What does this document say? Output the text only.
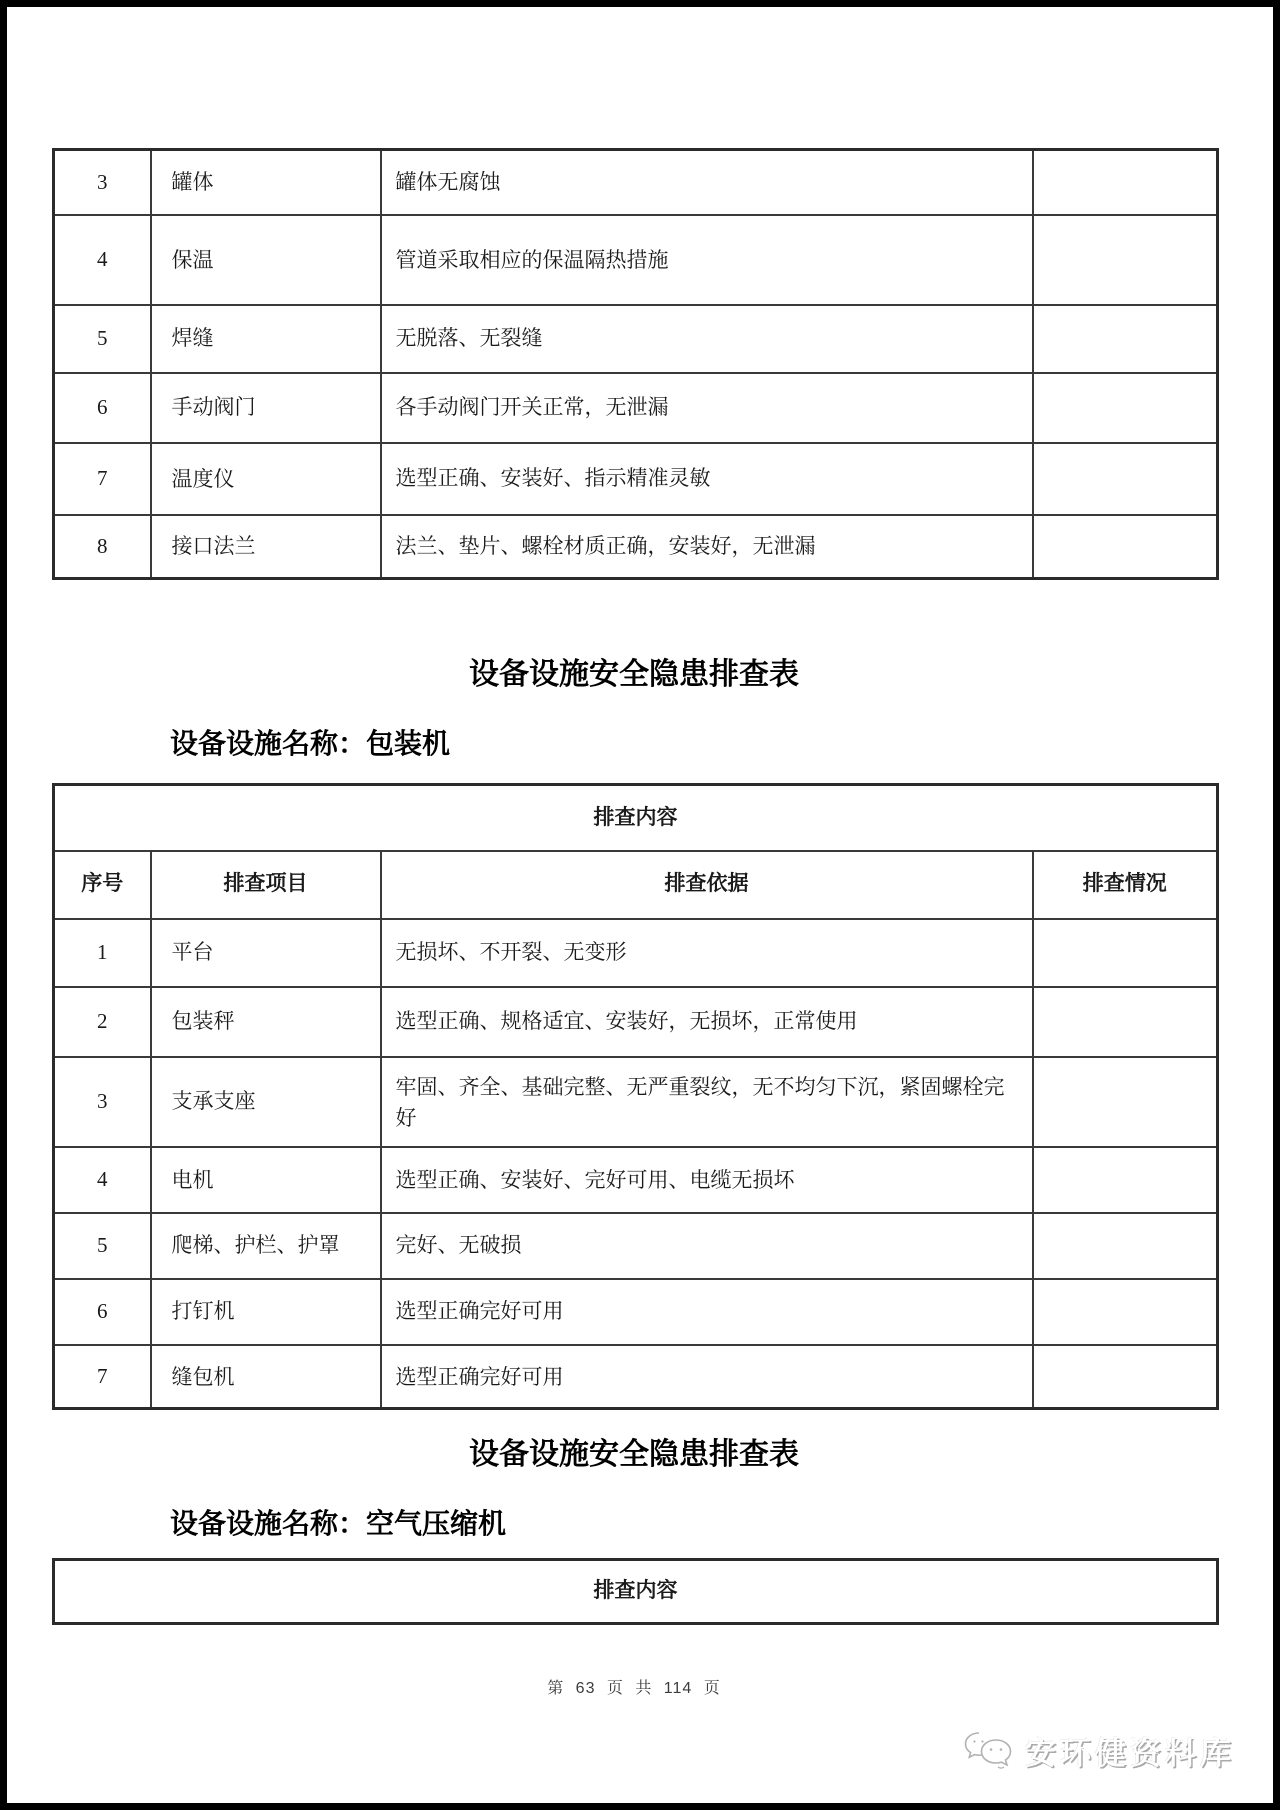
3	罐体	罐体无腐蚀	
4	保温	管道采取相应的保温隔热措施	
5	焊缝	无脱落、无裂缝	
6	手动阀门	各手动阀门开关正常，无泄漏	
7	温度仪	选型正确、安装好、指示精准灵敏	
8	接口法兰	法兰、垫片、螺栓材质正确，安装好，无泄漏	
设备设施安全隐患排查表
设备设施名称：包装机
排查内容			
序号	排查项目	排查依据	排查情况
1	平台	无损坏、不开裂、无变形	
2	包装秤	选型正确、规格适宜、安装好，无损坏，正常使用	
3	支承支座	牢固、齐全、基础完整、无严重裂纹，无不均匀下沉，紧固螺栓完好	
4	电机	选型正确、安装好、完好可用、电缆无损坏	
5	爬梯、护栏、护罩	完好、无破损	
6	打钉机	选型正确完好可用	
7	缝包机	选型正确完好可用	
设备设施安全隐患排查表
设备设施名称：空气压缩机
排查内容
第 63 页 共 114 页
安环健资料库
